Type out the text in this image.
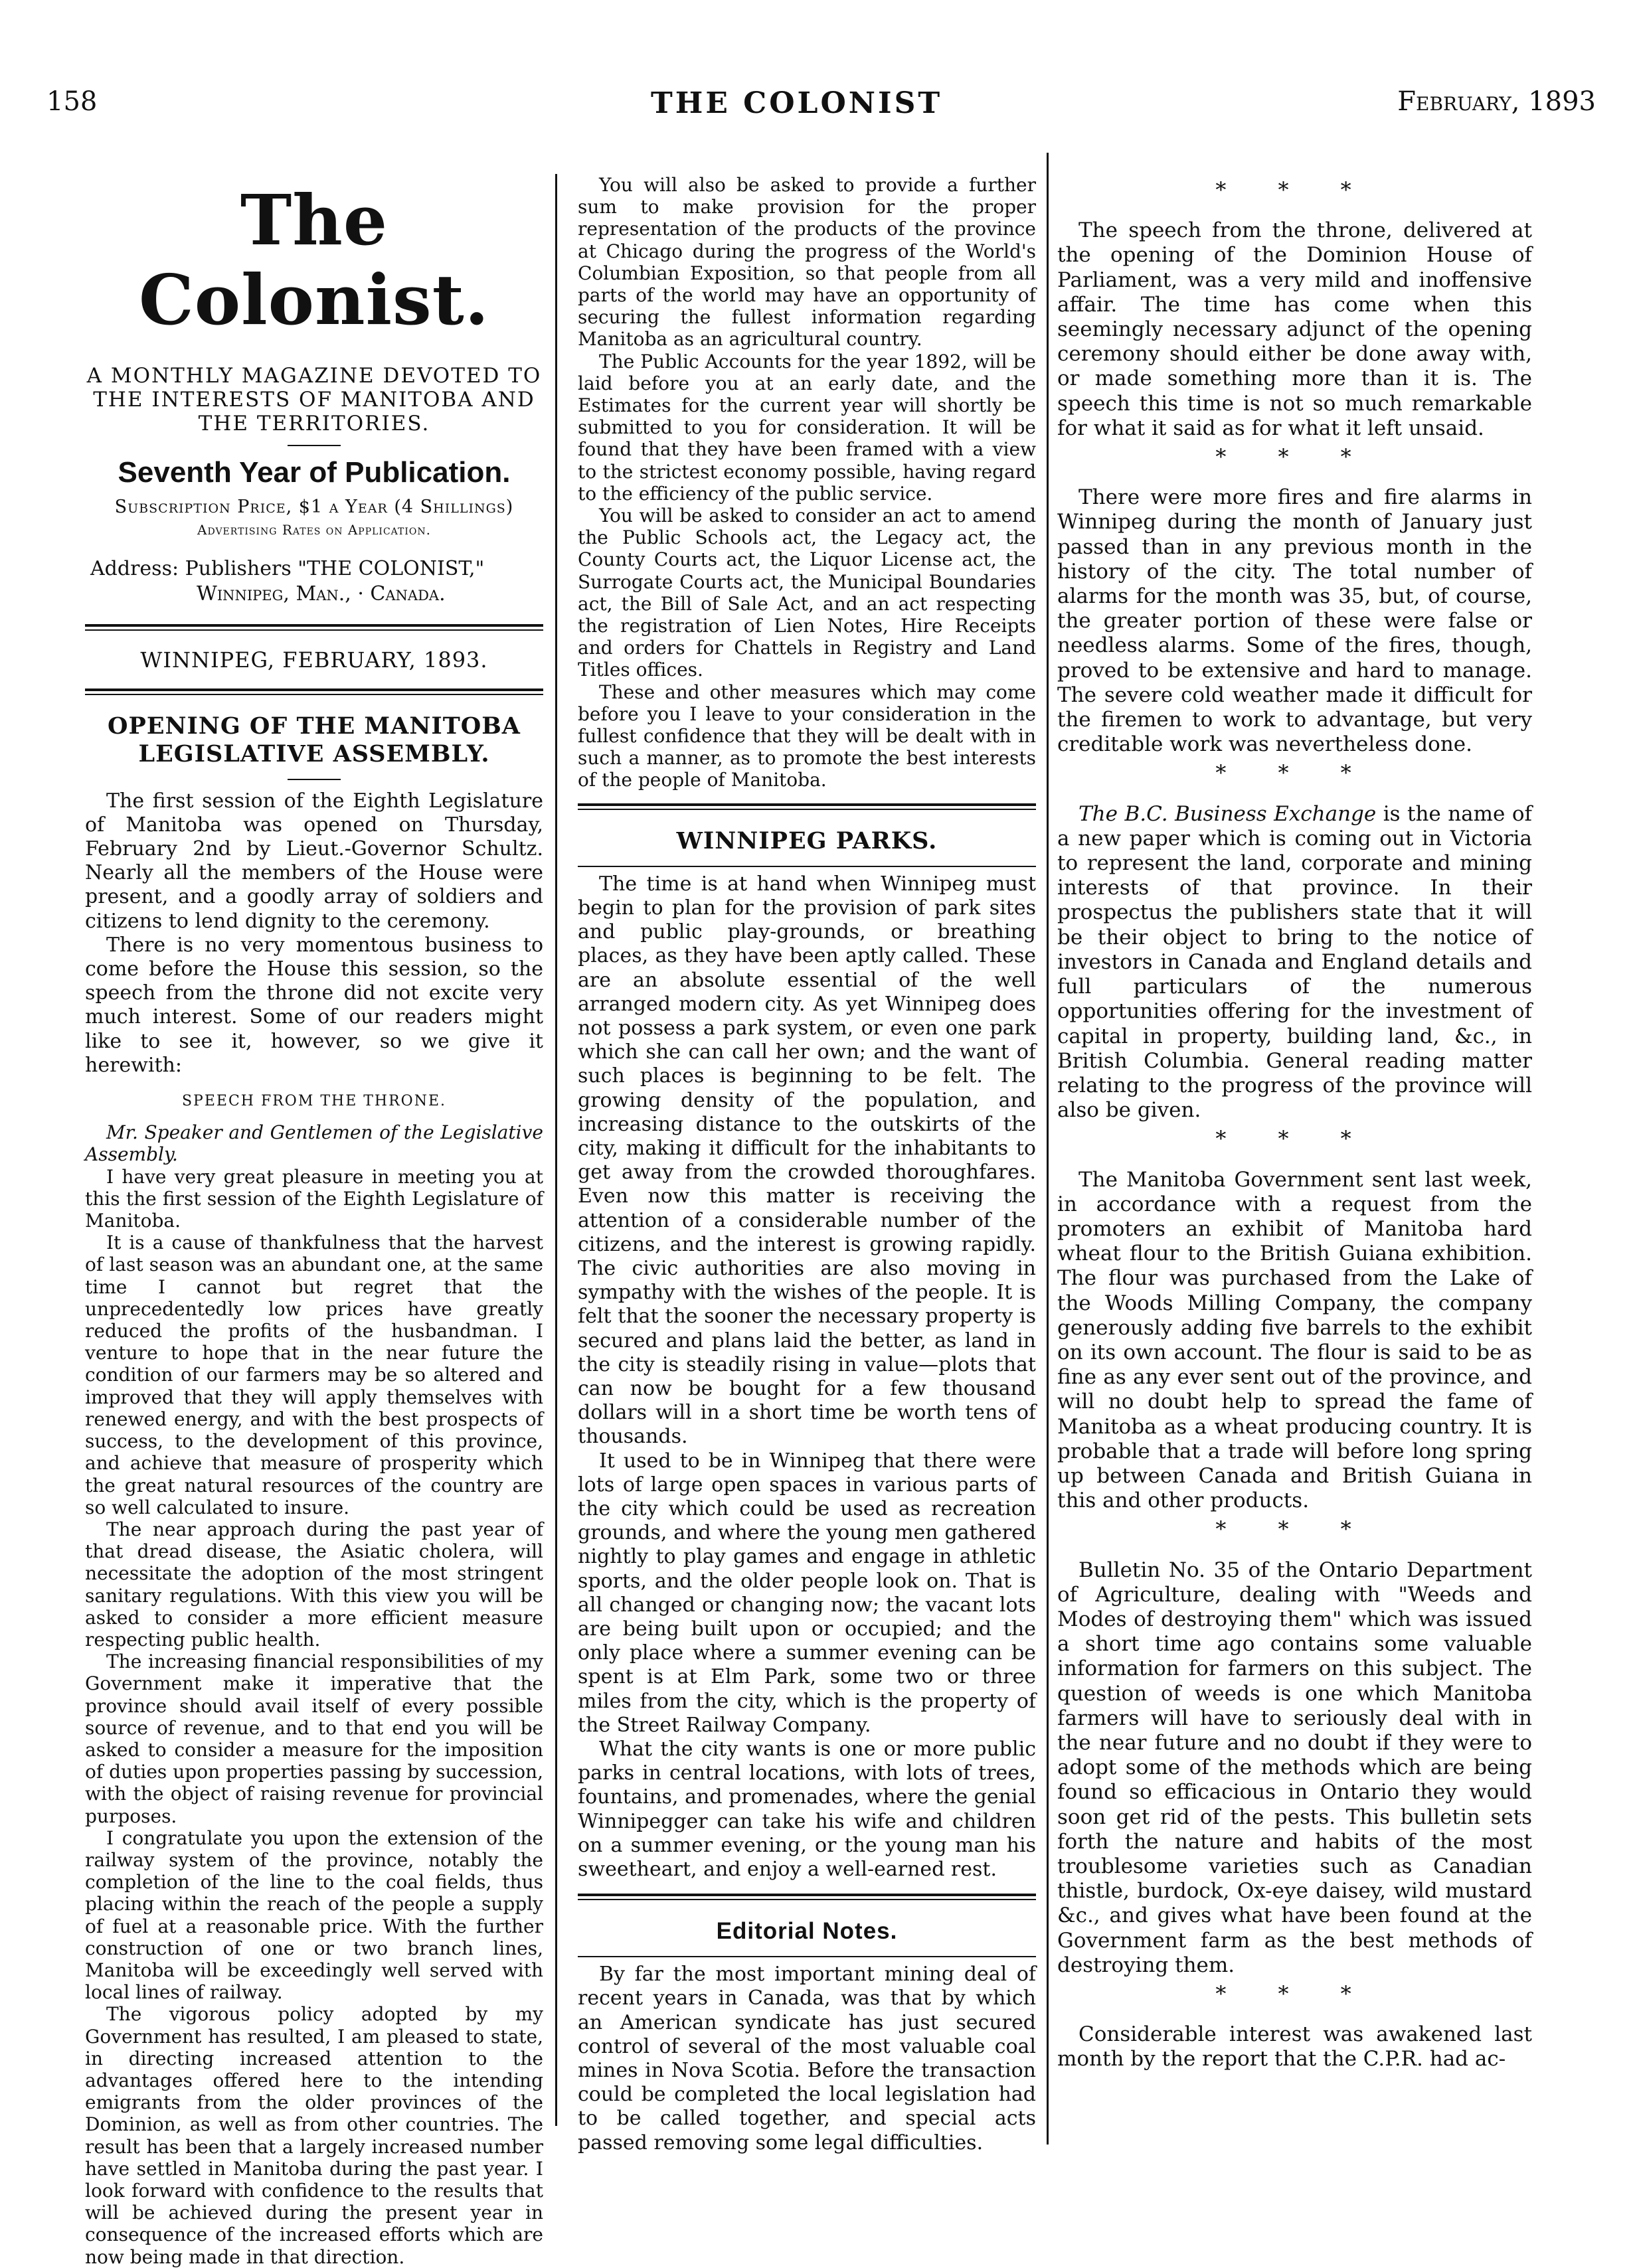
158	THE COLONIST	February, 1893
The Colonist.
A MONTHLY MAGAZINE DEVOTED TO THE INTERESTS OF MANITOBA AND THE TERRITORIES.
Seventh Year of Publication.
Subscription Price, $1 a Year (4 Shillings)
Advertising Rates on Application.
Address: Publishers "THE COLONIST,"
Winnipeg, Man., · Canada.
WINNIPEG, FEBRUARY, 1893.
OPENING OF THE MANITOBA LEGISLATIVE ASSEMBLY.

The first session of the Eighth Legislature of Manitoba was opened on Thursday, February 2nd by Lieut.-Governor Schultz. Nearly all the members of the House were present, and a goodly array of soldiers and citizens to lend dignity to the ceremony.

There is no very momentous business to come before the House this session, so the speech from the throne did not excite very much interest. Some of our readers might like to see it, however, so we give it herewith:

SPEECH FROM THE THRONE.

Mr. Speaker and Gentlemen of the Legislative Assembly.

I have very great pleasure in meeting you at this the first session of the Eighth Legislature of Manitoba.

It is a cause of thankfulness that the harvest of last season was an abundant one, at the same time I cannot but regret that the unprecedentedly low prices have greatly reduced the profits of the husbandman. I venture to hope that in the near future the condition of our farmers may be so altered and improved that they will apply themselves with renewed energy, and with the best prospects of success, to the development of this province, and achieve that measure of prosperity which the great natural resources of the country are so well calculated to insure.

The near approach during the past year of that dread disease, the Asiatic cholera, will necessitate the adoption of the most stringent sanitary regulations. With this view you will be asked to consider a more efficient measure respecting public health.

The increasing financial responsibilities of my Government make it imperative that the province should avail itself of every possible source of revenue, and to that end you will be asked to consider a measure for the imposition of duties upon properties passing by succession, with the object of raising revenue for provincial purposes.

I congratulate you upon the extension of the railway system of the province, notably the completion of the line to the coal fields, thus placing within the reach of the people a supply of fuel at a reasonable price. With the further construction of one or two branch lines, Manitoba will be exceedingly well served with local lines of railway.

The vigorous policy adopted by my Government has resulted, I am pleased to state, in directing increased attention to the advantages offered here to the intending emigrants from the older provinces of the Dominion, as well as from other countries. The result has been that a largely increased number have settled in Manitoba during the past year. I look forward with confidence to the results that will be achieved during the present year in consequence of the increased efforts which are now being made in that direction.

You will also be asked to provide a further sum to make provision for the proper representation of the products of the province at Chicago during the progress of the World's Columbian Exposition, so that people from all parts of the world may have an opportunity of securing the fullest information regarding Manitoba as an agricultural country.

The Public Accounts for the year 1892, will be laid before you at an early date, and the Estimates for the current year will shortly be submitted to you for consideration. It will be found that they have been framed with a view to the strictest economy possible, having regard to the efficiency of the public service.

You will be asked to consider an act to amend the Public Schools act, the Legacy act, the County Courts act, the Liquor License act, the Surrogate Courts act, the Municipal Boundaries act, the Bill of Sale Act, and an act respecting the registration of Lien Notes, Hire Receipts and orders for Chattels in Registry and Land Titles offices.

These and other measures which may come before you I leave to your consideration in the fullest confidence that they will be dealt with in such a manner, as to promote the best interests of the people of Manitoba.

WINNIPEG PARKS.

The time is at hand when Winnipeg must begin to plan for the provision of park sites and public play-grounds, or breathing places, as they have been aptly called. These are an absolute essential of the well arranged modern city. As yet Winnipeg does not possess a park system, or even one park which she can call her own; and the want of such places is beginning to be felt. The growing density of the population, and increasing distance to the outskirts of the city, making it difficult for the inhabitants to get away from the crowded thoroughfares. Even now this matter is receiving the attention of a considerable number of the citizens, and the interest is growing rapidly. The civic authorities are also moving in sympathy with the wishes of the people. It is felt that the sooner the necessary property is secured and plans laid the better, as land in the city is steadily rising in value—plots that can now be bought for a few thousand dollars will in a short time be worth tens of thousands.

It used to be in Winnipeg that there were lots of large open spaces in various parts of the city which could be used as recreation grounds, and where the young men gathered nightly to play games and engage in athletic sports, and the older people look on. That is all changed or changing now; the vacant lots are being built upon or occupied; and the only place where a summer evening can be spent is at Elm Park, some two or three miles from the city, which is the property of the Street Railway Company.

What the city wants is one or more public parks in central locations, with lots of trees, fountains, and promenades, where the genial Winnipegger can take his wife and children on a summer evening, or the young man his sweetheart, and enjoy a well-earned rest.

Editorial Notes.

By far the most important mining deal of recent years in Canada, was that by which an American syndicate has just secured control of several of the most valuable coal mines in Nova Scotia. Before the transaction could be completed the local legislation had to be called together, and special acts passed removing some legal difficulties.

* * *

The speech from the throne, delivered at the opening of the Dominion House of Parliament, was a very mild and inoffensive affair. The time has come when this seemingly necessary adjunct of the opening ceremony should either be done away with, or made something more than it is. The speech this time is not so much remarkable for what it said as for what it left unsaid.

* * *

There were more fires and fire alarms in Winnipeg during the month of January just passed than in any previous month in the history of the city. The total number of alarms for the month was 35, but, of course, the greater portion of these were false or needless alarms. Some of the fires, though, proved to be extensive and hard to manage. The severe cold weather made it difficult for the firemen to work to advantage, but very creditable work was nevertheless done.

* * *

The B.C. Business Exchange is the name of a new paper which is coming out in Victoria to represent the land, corporate and mining interests of that province. In their prospectus the publishers state that it will be their object to bring to the notice of investors in Canada and England details and full particulars of the numerous opportunities offering for the investment of capital in property, building land, &c., in British Columbia. General reading matter relating to the progress of the province will also be given.

* * *

The Manitoba Government sent last week, in accordance with a request from the promoters an exhibit of Manitoba hard wheat flour to the British Guiana exhibition. The flour was purchased from the Lake of the Woods Milling Company, the company generously adding five barrels to the exhibit on its own account. The flour is said to be as fine as any ever sent out of the province, and will no doubt help to spread the fame of Manitoba as a wheat producing country. It is probable that a trade will before long spring up between Canada and British Guiana in this and other products.

* * *

Bulletin No. 35 of the Ontario Department of Agriculture, dealing with "Weeds and Modes of destroying them" which was issued a short time ago contains some valuable information for farmers on this subject. The question of weeds is one which Manitoba farmers will have to seriously deal with in the near future and no doubt if they were to adopt some of the methods which are being found so efficacious in Ontario they would soon get rid of the pests. This bulletin sets forth the nature and habits of the most troublesome varieties such as Canadian thistle, burdock, Ox-eye daisey, wild mustard &c., and gives what have been found at the Government farm as the best methods of destroying them.

* * *

Considerable interest was awakened last month by the report that the C.P.R. had ac-
